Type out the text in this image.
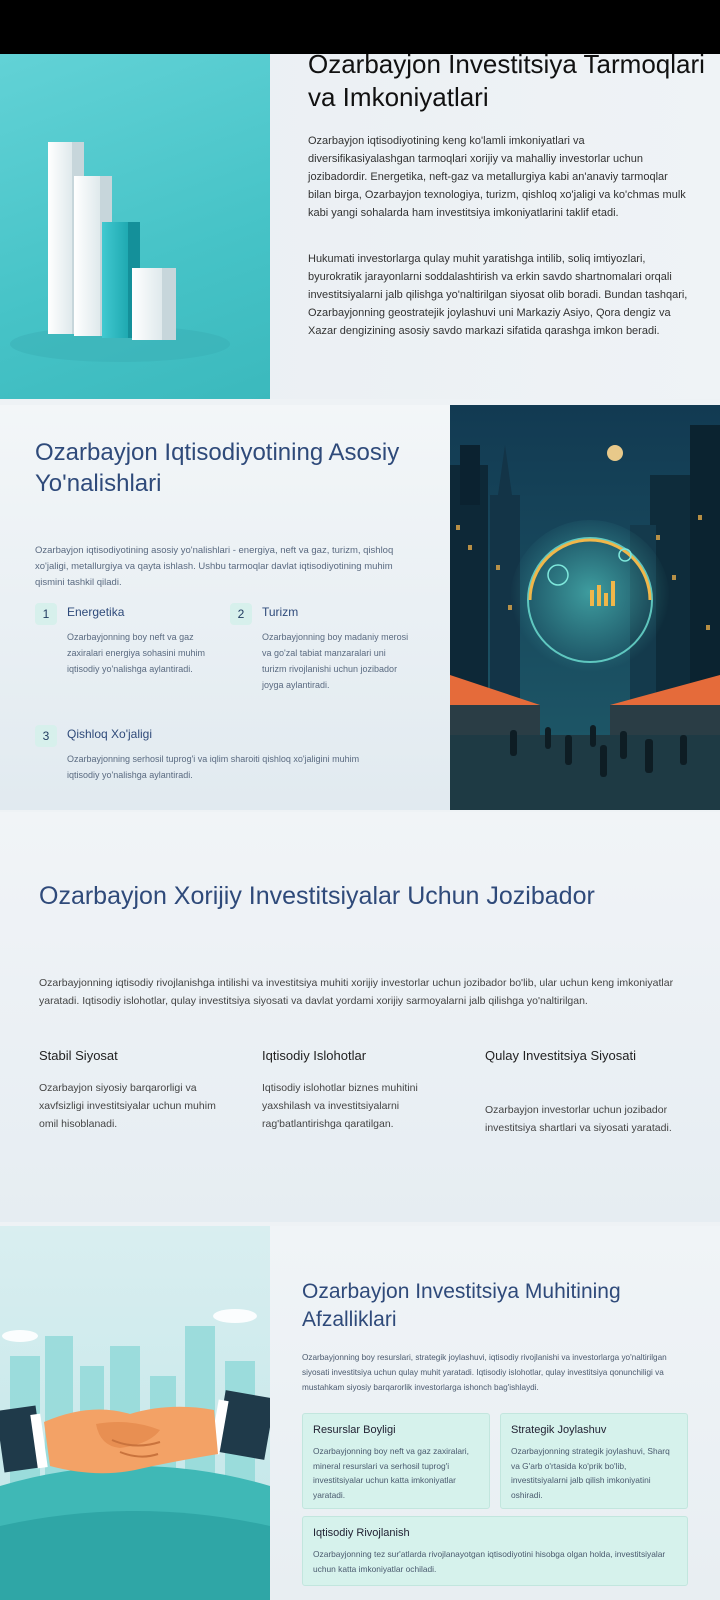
Ozarbayjon Investitsiya Tarmoqlari va Imkoniyatlari

Ozarbayjon iqtisodiyotining keng ko'lamli imkoniyatlari va diversifikasiyalashgan tarmoqlari xorijiy va mahalliy investorlar uchun jozibadordir. Energetika, neft-gaz va metallurgiya kabi an'anaviy tarmoqlar bilan birga, Ozarbayjon texnologiya, turizm, qishloq xo'jaligi va ko'chmas mulk kabi yangi sohalarda ham investitsiya imkoniyatlarini taklif etadi.

Hukumati investorlarga qulay muhit yaratishga intilib, soliq imtiyozlari, byurokratik jarayonlarni soddalashtirish va erkin savdo shartnomalari orqali investitsiyalarni jalb qilishga yo'naltirilgan siyosat olib boradi. Bundan tashqari, Ozarbayjonning geostratejik joylashuvi uni Markaziy Asiyo, Qora dengiz va Xazar dengizining asosiy savdo markazi sifatida qarashga imkon beradi.

Ozarbayjon Iqtisodiyotining Asosiy Yo'nalishlari

Ozarbayjon iqtisodiyotining asosiy yo'nalishlari - energiya, neft va gaz, turizm, qishloq xo'jaligi, metallurgiya va qayta ishlash. Ushbu tarmoqlar davlat iqtisodiyotining muhim qismini tashkil qiladi.

1	Energetika
Ozarbayjonning boy neft va gaz zaxiralari energiya sohasini muhim iqtisodiy yo'nalishga aylantiradi.
2	Turizm
Ozarbayjonning boy madaniy merosi va go'zal tabiat manzaralari uni turizm rivojlanishi uchun jozibador joyga aylantiradi.
3	Qishloq Xo'jaligi
Ozarbayjonning serhosil tuprog'i va iqlim sharoiti qishloq xo'jaligini muhim iqtisodiy yo'nalishga aylantiradi.
Ozarbayjon Xorijiy Investitsiyalar Uchun Jozibador

Ozarbayjonning iqtisodiy rivojlanishga intilishi va investitsiya muhiti xorijiy investorlar uchun jozibador bo'lib, ular uchun keng imkoniyatlar yaratadi. Iqtisodiy islohotlar, qulay investitsiya siyosati va davlat yordami xorijiy sarmoyalarni jalb qilishga yo'naltirilgan.

Stabil Siyosat
Ozarbayjon siyosiy barqarorligi va xavfsizligi investitsiyalar uchun muhim omil hisoblanadi.
Iqtisodiy Islohotlar
Iqtisodiy islohotlar biznes muhitini yaxshilash va investitsiyalarni rag'batlantirishga qaratilgan.
Qulay Investitsiya Siyosati
Ozarbayjon investorlar uchun jozibador investitsiya shartlari va siyosati yaratadi.
Ozarbayjon Investitsiya Muhitining Afzalliklari

Ozarbayjonning boy resurslari, strategik joylashuvi, iqtisodiy rivojlanishi va investorlarga yo'naltirilgan siyosati investitsiya uchun qulay muhit yaratadi. Iqtisodiy islohotlar, qulay investitsiya qonunchiligi va mustahkam siyosiy barqarorlik investorlarga ishonch bag'ishlaydi.

Resurslar Boyligi
Ozarbayjonning boy neft va gaz zaxiralari, mineral resurslari va serhosil tuprog'i investitsiyalar uchun katta imkoniyatlar yaratadi.
Strategik Joylashuv
Ozarbayjonning strategik joylashuvi, Sharq va G'arb o'rtasida ko'prik bo'lib, investitsiyalarni jalb qilish imkoniyatini oshiradi.
Iqtisodiy Rivojlanish
Ozarbayjonning tez sur'atlarda rivojlanayotgan iqtisodiyotini hisobga olgan holda, investitsiyalar uchun katta imkoniyatlar ochiladi.
